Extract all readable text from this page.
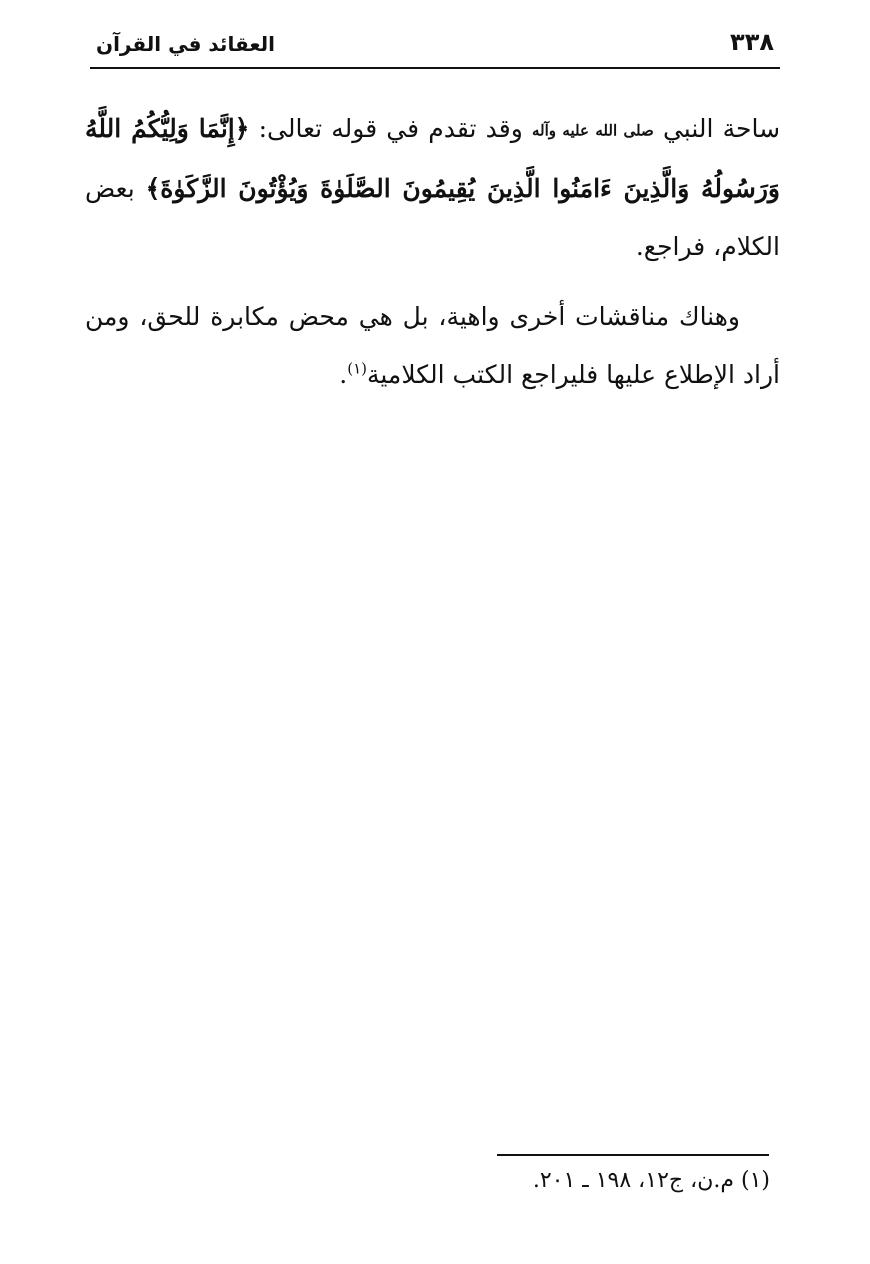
العقائد في القرآن	٣٣٨

ساحة النبي صلى الله عليه وآله وقد تقدم في قوله تعالى: ﴿إِنَّمَا وَلِيُّكُمُ اللَّهُ وَرَسُولُهُ وَالَّذِينَ ءَامَنُوا الَّذِينَ يُقِيمُونَ الصَّلَوٰةَ وَيُؤْتُونَ الزَّكَوٰةَ﴾ بعض الكلام، فراجع.

وهناك مناقشات أخرى واهية، بل هي محض مكابرة للحق، ومن أراد الإطلاع عليها فليراجع الكتب الكلامية$^{(١)}$.

(١) م.ن، ج١٢، ١٩٨ ـ ٢٠١.
